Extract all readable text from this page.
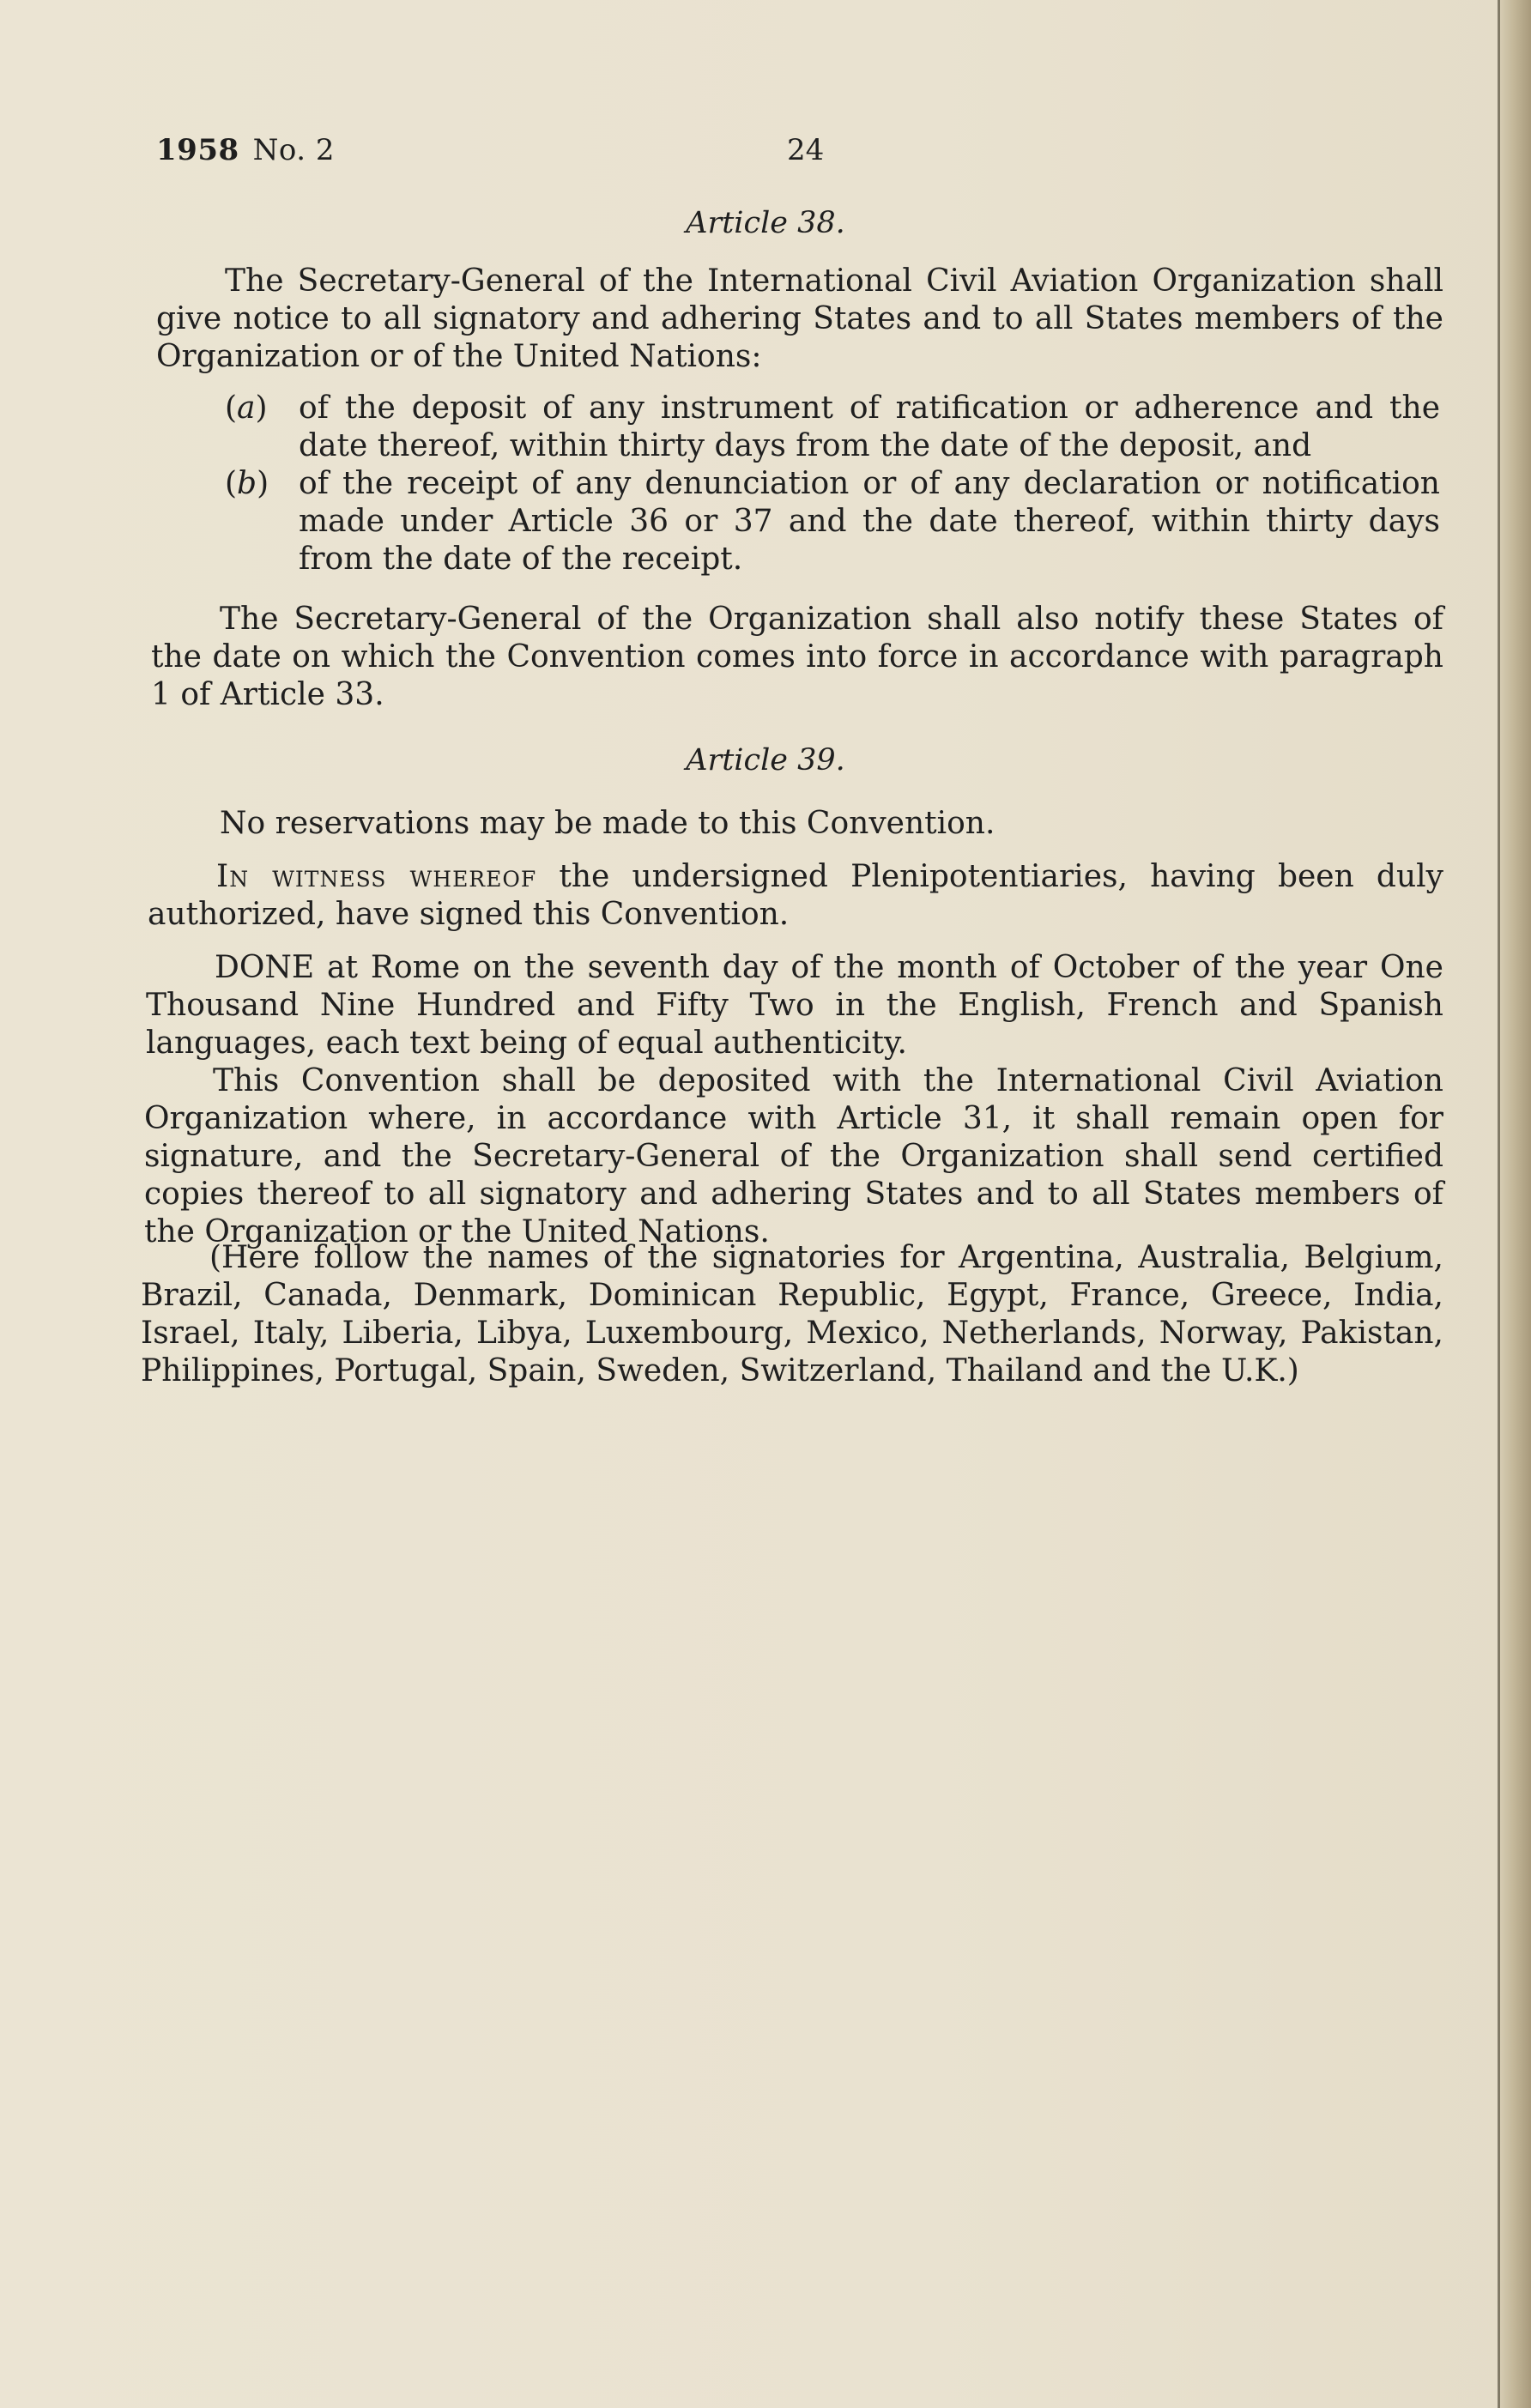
1958 No. 2	24
Article 38.

The Secretary-General of the International Civil Aviation Organization shall give notice to all signatory and adhering States and to all States members of the Organization or of the United Nations:

(a) of the deposit of any instrument of ratification or adherence and the date thereof, within thirty days from the date of the deposit, and
(b) of the receipt of any denunciation or of any declaration or notification made under Article 36 or 37 and the date thereof, within thirty days from the date of the receipt.

The Secretary-General of the Organization shall also notify these States of the date on which the Convention comes into force in accordance with paragraph 1 of Article 33.

Article 39.

No reservations may be made to this Convention.

In witness whereof the undersigned Plenipotentiaries, having been duly authorized, have signed this Convention.

DONE at Rome on the seventh day of the month of October of the year One Thousand Nine Hundred and Fifty Two in the English, French and Spanish languages, each text being of equal authenticity.

This Convention shall be deposited with the International Civil Aviation Organization where, in accordance with Article 31, it shall remain open for signature, and the Secretary-General of the Organization shall send certified copies thereof to all signatory and adhering States and to all States members of the Organization or the United Nations.

(Here follow the names of the signatories for Argentina, Australia, Belgium, Brazil, Canada, Denmark, Dominican Republic, Egypt, France, Greece, India, Israel, Italy, Liberia, Libya, Luxembourg, Mexico, Netherlands, Norway, Pakistan, Philippines, Portugal, Spain, Sweden, Switzerland, Thailand and the U.K.)
